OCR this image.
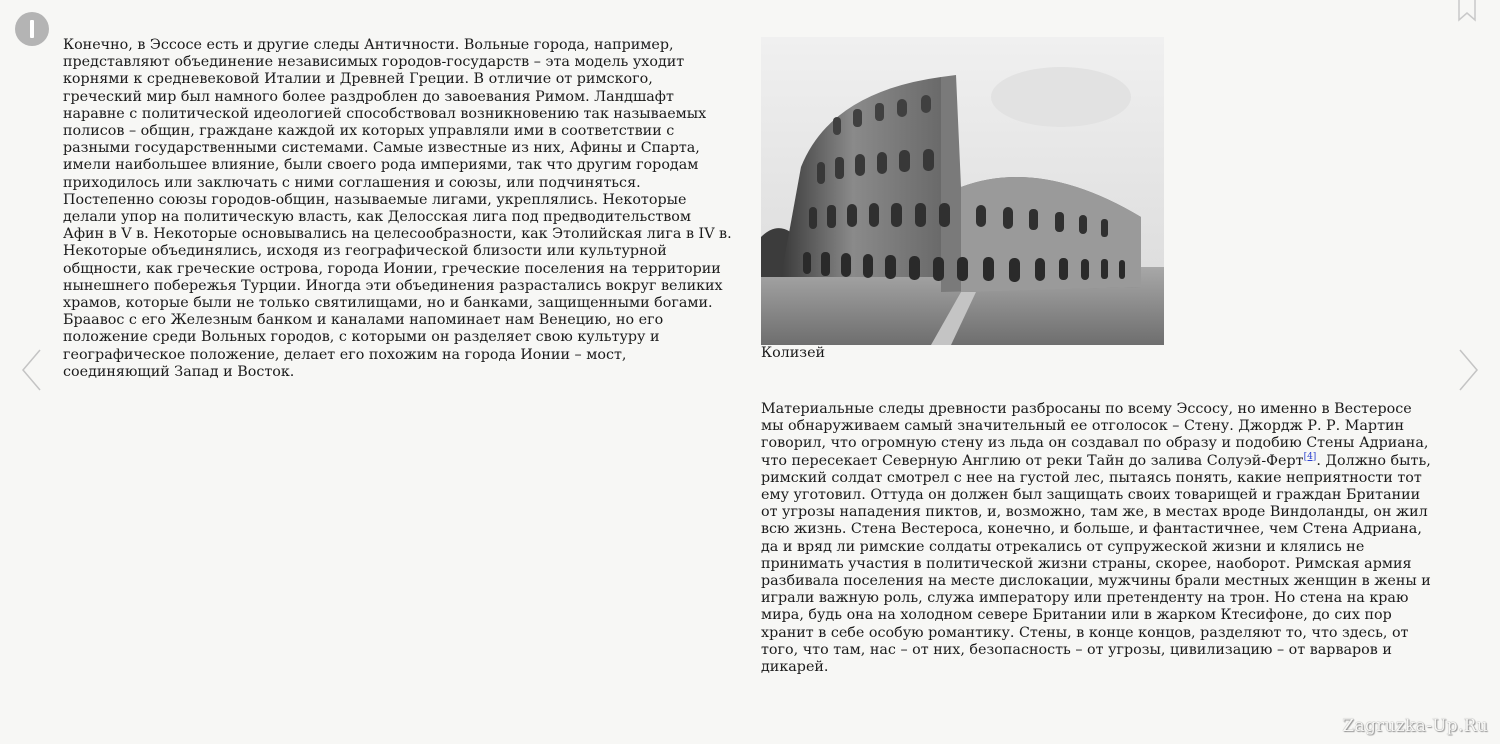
Конечно, в Эссосе есть и другие следы Античности. Вольные города, например, представляют объединение независимых городов-государств – эта модель уходит корнями к средневековой Италии и Древней Греции. В отличие от римского, греческий мир был намного более раздроблен до завоевания Римом. Ландшафт наравне с политической идеологией способствовал возникновению так называемых полисов – общин, граждане каждой их которых управляли ими в соответствии с разными государственными системами. Самые известные из них, Афины и Спарта, имели наибольшее влияние, были своего рода империями, так что другим городам приходилось или заключать с ними соглашения и союзы, или подчиняться. Постепенно союзы городов-общин, называемые лигами, укреплялись. Некоторые делали упор на политическую власть, как Делосская лига под предводительством Афин в V в. Некоторые основывались на целесообразности, как Этолийская лига в IV в. Некоторые объединялись, исходя из географической близости или культурной общности, как греческие острова, города Ионии, греческие поселения на территории нынешнего побережья Турции. Иногда эти объединения разрастались вокруг великих храмов, которые были не только святилищами, но и банками, защищенными богами. Браавос с его Железным банком и каналами напоминает нам Венецию, но его положение среди Вольных городов, с которыми он разделяет свою культуру и географическое положение, делает его похожим на города Ионии – мост, соединяющий Запад и Восток.

Колизей

Материальные следы древности разбросаны по всему Эссосу, но именно в Вестеросе мы обнаруживаем самый значительный ее отголосок – Стену. Джордж Р. Р. Мартин говорил, что огромную стену из льда он создавал по образу и подобию Стены Адриана, что пересекает Северную Англию от реки Тайн до залива Солуэй-Ферт[4]. Должно быть, римский солдат смотрел с нее на густой лес, пытаясь понять, какие неприятности тот ему уготовил. Оттуда он должен был защищать своих товарищей и граждан Британии от угрозы нападения пиктов, и, возможно, там же, в местах вроде Виндоланды, он жил всю жизнь. Стена Вестероса, конечно, и больше, и фантастичнее, чем Стена Адриана, да и вряд ли римские солдаты отрекались от супружеской жизни и клялись не принимать участия в политической жизни страны, скорее, наоборот. Римская армия разбивала поселения на месте дислокации, мужчины брали местных женщин в жены и играли важную роль, служа императору или претенденту на трон. Но стена на краю мира, будь она на холодном севере Британии или в жарком Ктесифоне, до сих пор хранит в себе особую романтику. Стены, в конце концов, разделяют то, что здесь, от того, что там, нас – от них, безопасность – от угрозы, цивилизацию – от варваров и дикарей.

Zagruzka-Up.Ru
